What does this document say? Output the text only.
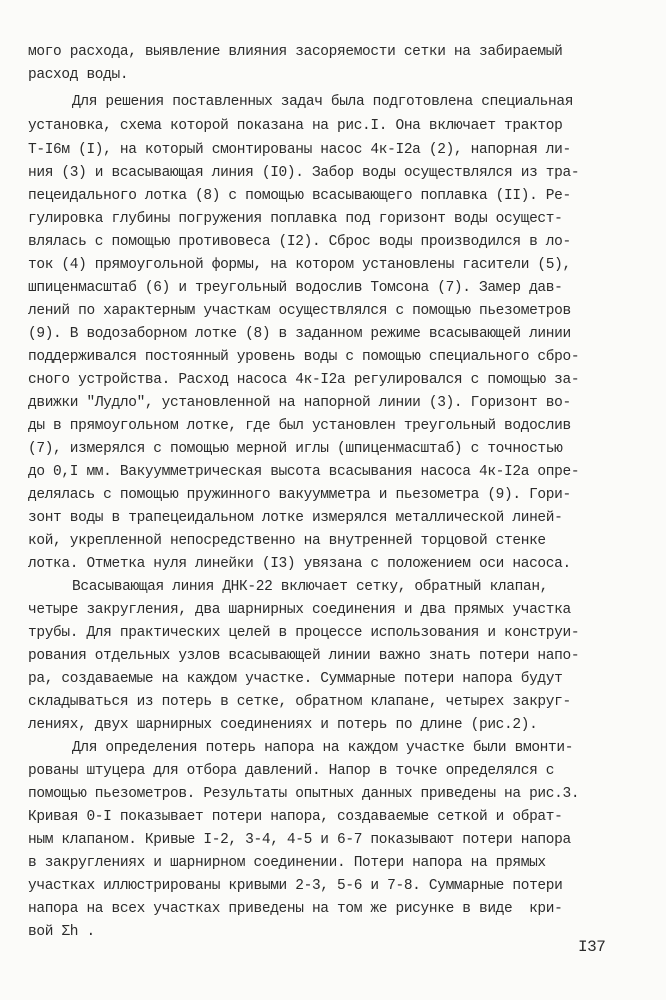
мого расхода, выявление влияния засоряемости сетки на забираемый
расход воды.
Для решения поставленных задач была подготовлена специальная
установка, схема которой показана на рис.I. Она включает трактор
Т-I6м (I), на который смонтированы насос 4к-I2а (2), напорная ли-
ния (3) и всасывающая линия (I0). Забор воды осуществлялся из тра-
пецеидального лотка (8) с помощью всасывающего поплавка (II). Ре-
гулировка глубины погружения поплавка под горизонт воды осущест-
влялась с помощью противовеса (I2). Сброс воды производился в ло-
ток (4) прямоугольной формы, на котором установлены гасители (5),
шпиценмасштаб (6) и треугольный водослив Томсона (7). Замер дав-
лений по характерным участкам осуществлялся с помощью пьезометров
(9). В водозаборном лотке (8) в заданном режиме всасывающей линии
поддерживался постоянный уровень воды с помощью специального сбро-
сного устройства. Расход насоса 4к-I2а регулировался с помощью за-
движки "Лудло", установленной на напорной линии (3). Горизонт во-
ды в прямоугольном лотке, где был установлен треугольный водослив
(7), измерялся с помощью мерной иглы (шпиценмасштаб) с точностью
до 0,I мм. Вакуумметрическая высота всасывания насоса 4к-I2а опре-
делялась с помощью пружинного вакуумметра и пьезометра (9). Гори-
зонт воды в трапецеидальном лотке измерялся металлической линей-
кой, укрепленной непосредственно на внутренней торцовой стенке
лотка. Отметка нуля линейки (I3) увязана с положением оси насоса.
Всасывающая линия ДНК-22 включает сетку, обратный клапан,
четыре закругления, два шарнирных соединения и два прямых участка
трубы. Для практических целей в процессе использования и конструи-
рования отдельных узлов всасывающей линии важно знать потери напо-
ра, создаваемые на каждом участке. Суммарные потери напора будут
складываться из потерь в сетке, обратном клапане, четырех закруг-
лениях, двух шарнирных соединениях и потерь по длине (рис.2).
Для определения потерь напора на каждом участке были вмонти-
рованы штуцера для отбора давлений. Напор в точке определялся с
помощью пьезометров. Результаты опытных данных приведены на рис.3.
Кривая 0-I показывает потери напора, создаваемые сеткой и обрат-
ным клапаном. Кривые I-2, 3-4, 4-5 и 6-7 показывают потери напора
в закруглениях и шарнирном соединении. Потери напора на прямых
участках иллюстрированы кривыми 2-3, 5-6 и 7-8. Суммарные потери
напора на всех участках приведены на том же рисунке в виде  кри-
вой Σh .
I37
